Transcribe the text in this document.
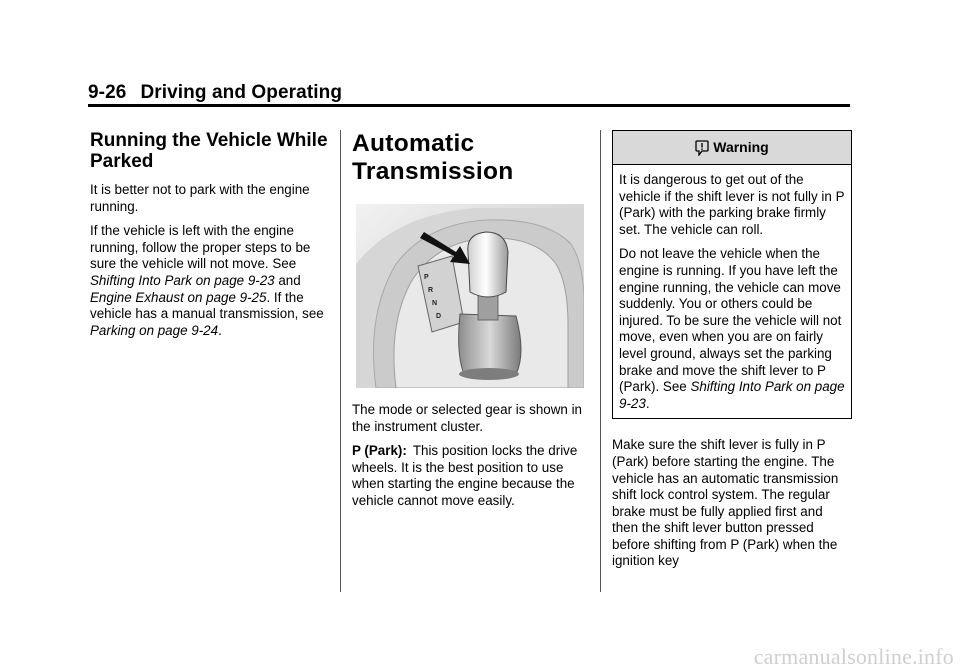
9-26 Driving and Operating
Running the Vehicle While Parked

It is better not to park with the engine running.

If the vehicle is left with the engine running, follow the proper steps to be sure the vehicle will not move. See Shifting Into Park on page 9-23 and Engine Exhaust on page 9-25. If the vehicle has a manual transmission, see Parking on page 9-24.

Automatic Transmission
P
R
N
D

The mode or selected gear is shown in the instrument cluster.

P (Park): This position locks the drive wheels. It is the best position to use when starting the engine because the vehicle cannot move easily.

Warning

It is dangerous to get out of the vehicle if the shift lever is not fully in P (Park) with the parking brake firmly set. The vehicle can roll.

Do not leave the vehicle when the engine is running. If you have left the engine running, the vehicle can move suddenly. You or others could be injured. To be sure the vehicle will not move, even when you are on fairly level ground, always set the parking brake and move the shift lever to P (Park). See Shifting Into Park on page 9-23.

Make sure the shift lever is fully in P (Park) before starting the engine. The vehicle has an automatic transmission shift lock control system. The regular brake must be fully applied first and then the shift lever button pressed before shifting from P (Park) when the ignition key

carmanualsonline.info
